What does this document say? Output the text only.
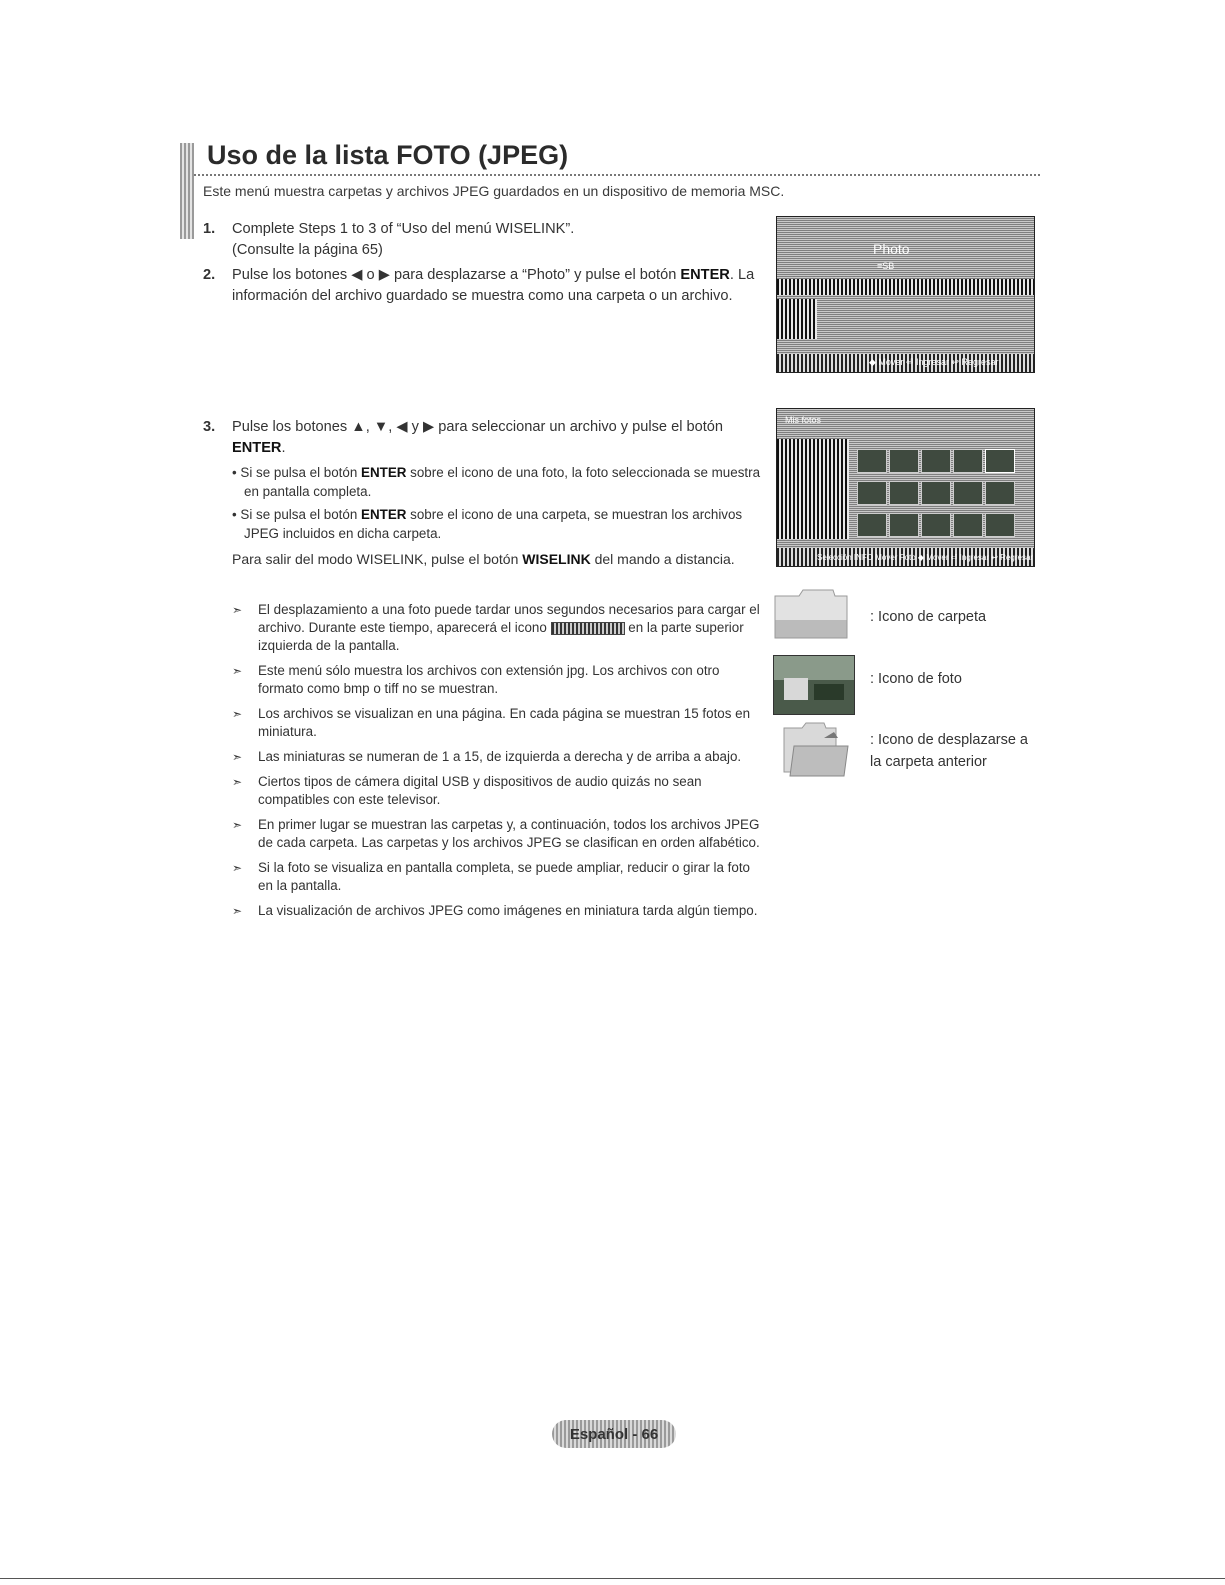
Uso de la lista FOTO (JPEG)
Este menú muestra carpetas y archivos JPEG guardados en un dispositivo de memoria MSC.
1. Complete Steps 1 to 3 of “Uso del menú WISELINK”.
(Consulte la página 65)
2. Pulse los botones ◀ o ▶ para desplazarse a “Photo” y pulse el botón ENTER. La información del archivo guardado se muestra como una carpeta o un archivo.
3. Pulse los botones ▲, ▼, ◀ y ▶ para seleccionar un archivo y pulse el botón ENTER.
• Si se pulsa el botón ENTER sobre el icono de una foto, la foto seleccionada se muestra en pantalla completa.
• Si se pulsa el botón ENTER sobre el icono de una carpeta, se muestran los archivos JPEG incluidos en dicha carpeta.
Para salir del modo WISELINK, pulse el botón WISELINK del mando a distancia.
Photo
≡SB
◆ Mover ⏎ Ingresar ↩ Regresar
Mis fotos
Selección INFO Mover Foto ◆ Mover ⏎ Ingresar ↩ Regresar
➣ El desplazamiento a una foto puede tardar unos segundos necesarios para cargar el archivo. Durante este tiempo, aparecerá el icono	en la parte superior izquierda de la pantalla.
➣ Este menú sólo muestra los archivos con extensión jpg. Los archivos con otro formato como bmp o tiff no se muestran.
➣ Los archivos se visualizan en una página. En cada página se muestran 15 fotos en miniatura.
➣ Las miniaturas se numeran de 1 a 15, de izquierda a derecha y de arriba a abajo.
➣ Ciertos tipos de cámera digital USB y dispositivos de audio quizás no sean compatibles con este televisor.
➣ En primer lugar se muestran las carpetas y, a continuación, todos los archivos JPEG de cada carpeta. Las carpetas y los archivos JPEG se clasifican en orden alfabético.
➣ Si la foto se visualiza en pantalla completa, se puede ampliar, reducir o girar la foto en la pantalla.
➣ La visualización de archivos JPEG como imágenes en miniatura tarda algún tiempo.
: Icono de carpeta
: Icono de foto
: Icono de desplazarse a la carpeta anterior
Español - 66
